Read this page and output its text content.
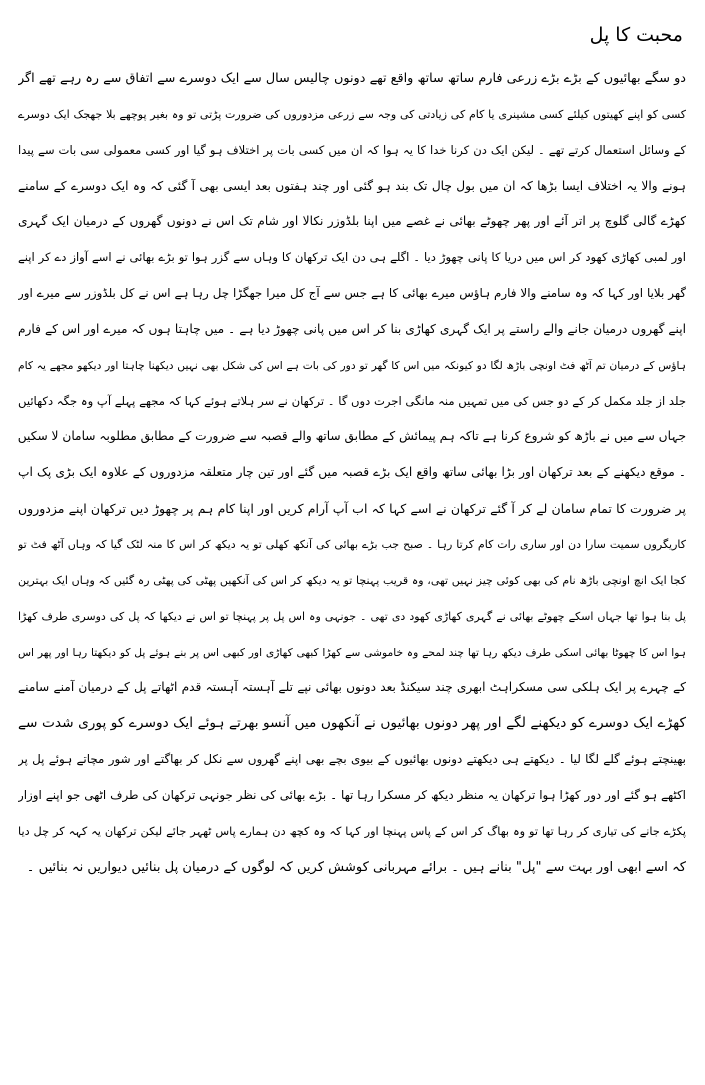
محبت کا پل
دو سگے بھائیوں کے بڑے بڑے زرعی فارم ساتھ ساتھ واقع تھے دونوں چالیس سال سے ایک دوسرے سے اتفاق سے رہ رہے تھے اگر
کسی کو اپنے کھیتوں کیلئے کسی مشینری یا کام کی زیادتی کی وجہ سے زرعی مزدوروں کی ضرورت پڑتی تو وہ بغیر پوچھے بلا جھجک ایک دوسرے
کے وسائل استعمال کرتے تھے ۔ لیکن ایک دن کرنا خدا کا یہ ہوا کہ ان میں کسی بات پر اختلاف ہو گیا اور کسی معمولی سی بات سے پیدا
ہونے والا یہ اختلاف ایسا بڑھا کہ ان میں بول چال تک بند ہو گئی اور چند ہفتوں بعد ایسی بھی آ گئی کہ وہ ایک دوسرے کے سامنے
کھڑے گالی گلوچ پر اتر آئے اور پھر چھوٹے بھائی نے غصے میں اپنا بلڈوزر نکالا اور شام تک اس نے دونوں گھروں کے درمیان ایک گہری
اور لمبی کھاڑی کھود کر اس میں دریا کا پانی چھوڑ دیا ۔ اگلے ہی دن ایک ترکھان کا وہاں سے گزر ہوا تو بڑے بھائی نے اسے آواز دے کر اپنے
گھر بلایا اور کہا کہ وہ سامنے والا فارم ہاؤس میرے بھائی کا ہے جس سے آج کل میرا جھگڑا چل رہا ہے اس نے کل بلڈوزر سے میرے اور
اپنے گھروں درمیان جانے والے راستے پر ایک گہری کھاڑی بنا کر اس میں پانی چھوڑ دیا ہے ۔ میں چاہتا ہوں کہ میرے اور اس کے فارم
ہاؤس کے درمیان تم آٹھ فٹ اونچی باڑھ لگا دو کیونکہ میں اس کا گھر تو دور کی بات ہے اس کی شکل بھی نہیں دیکھنا چاہتا اور دیکھو مجھے یہ کام
جلد از جلد مکمل کر کے دو جس کی میں تمہیں منہ مانگی اجرت دوں گا ۔ ترکھان نے سر ہلاتے ہوئے کہا کہ مجھے پہلے آپ وہ جگہ دکھائیں
جہاں سے میں نے باڑھ کو شروع کرنا ہے تاکہ ہم پیمائش کے مطابق ساتھ والے قصبہ سے ضرورت کے مطابق مطلوبہ سامان لا سکیں
۔ موقع دیکھنے کے بعد ترکھان اور بڑا بھائی ساتھ واقع ایک بڑے قصبہ میں گئے اور تین چار متعلقہ مزدوروں کے علاوہ ایک بڑی پک اپ
پر ضرورت کا تمام سامان لے کر آ گئے ترکھان نے اسے کہا کہ اب آپ آرام کریں اور اپنا کام ہم پر چھوڑ دیں ترکھان اپنے مزدوروں
کاریگروں سمیت سارا دن اور ساری رات کام کرتا رہا ۔ صبح جب بڑے بھائی کی آنکھ کھلی تو یہ دیکھ کر اس کا منہ لٹک گیا کہ وہاں آٹھ فٹ تو
کجا ایک انچ اونچی باڑھ نام کی بھی کوئی چیز نہیں تھی، وہ قریب پہنچا تو یہ دیکھ کر اس کی آنکھیں پھٹی کی پھٹی رہ گئیں کہ وہاں ایک بہترین
پل بنا ہوا تھا جہاں اسکے چھوٹے بھائی نے گہری کھاڑی کھود دی تھی ۔ جونہی وہ اس پل پر پہنچا تو اس نے دیکھا کہ پل کی دوسری طرف کھڑا
ہوا اس کا چھوٹا بھائی اسکی طرف دیکھ رہا تھا چند لمحے وہ خاموشی سے کھڑا کبھی کھاڑی اور کبھی اس پر بنے ہوئے پل کو دیکھتا رہا اور پھر اس
کے چہرے پر ایک ہلکی سی مسکراہٹ ابھری چند سیکنڈ بعد دونوں بھائی نپے تلے آہستہ آہستہ قدم اٹھاتے پل کے درمیان آمنے سامنے
کھڑے ایک دوسرے کو دیکھنے لگے اور پھر دونوں بھائیوں نے آنکھوں میں آنسو بھرتے ہوئے ایک دوسرے کو پوری شدت سے
بھینچتے ہوئے گلے لگا لیا ۔ دیکھتے ہی دیکھتے دونوں بھائیوں کے بیوی بچے بھی اپنے گھروں سے نکل کر بھاگتے اور شور مچاتے ہوئے پل پر
اکٹھے ہو گئے اور دور کھڑا ہوا ترکھان یہ منظر دیکھ کر مسکرا رہا تھا ۔ بڑے بھائی کی نظر جونہی ترکھان کی طرف اٹھی جو اپنے اوزار
پکڑے جانے کی تیاری کر رہا تھا تو وہ بھاگ کر اس کے پاس پہنچا اور کہا کہ وہ کچھ دن ہمارے پاس ٹھہر جائے لیکن ترکھان یہ کہہ کر چل دیا
کہ اسے ابھی اور بہت سے "پل" بنانے ہیں ۔ برائے مہربانی کوشش کریں کہ لوگوں کے درمیان پل بنائیں دیواریں نہ بنائیں ۔
